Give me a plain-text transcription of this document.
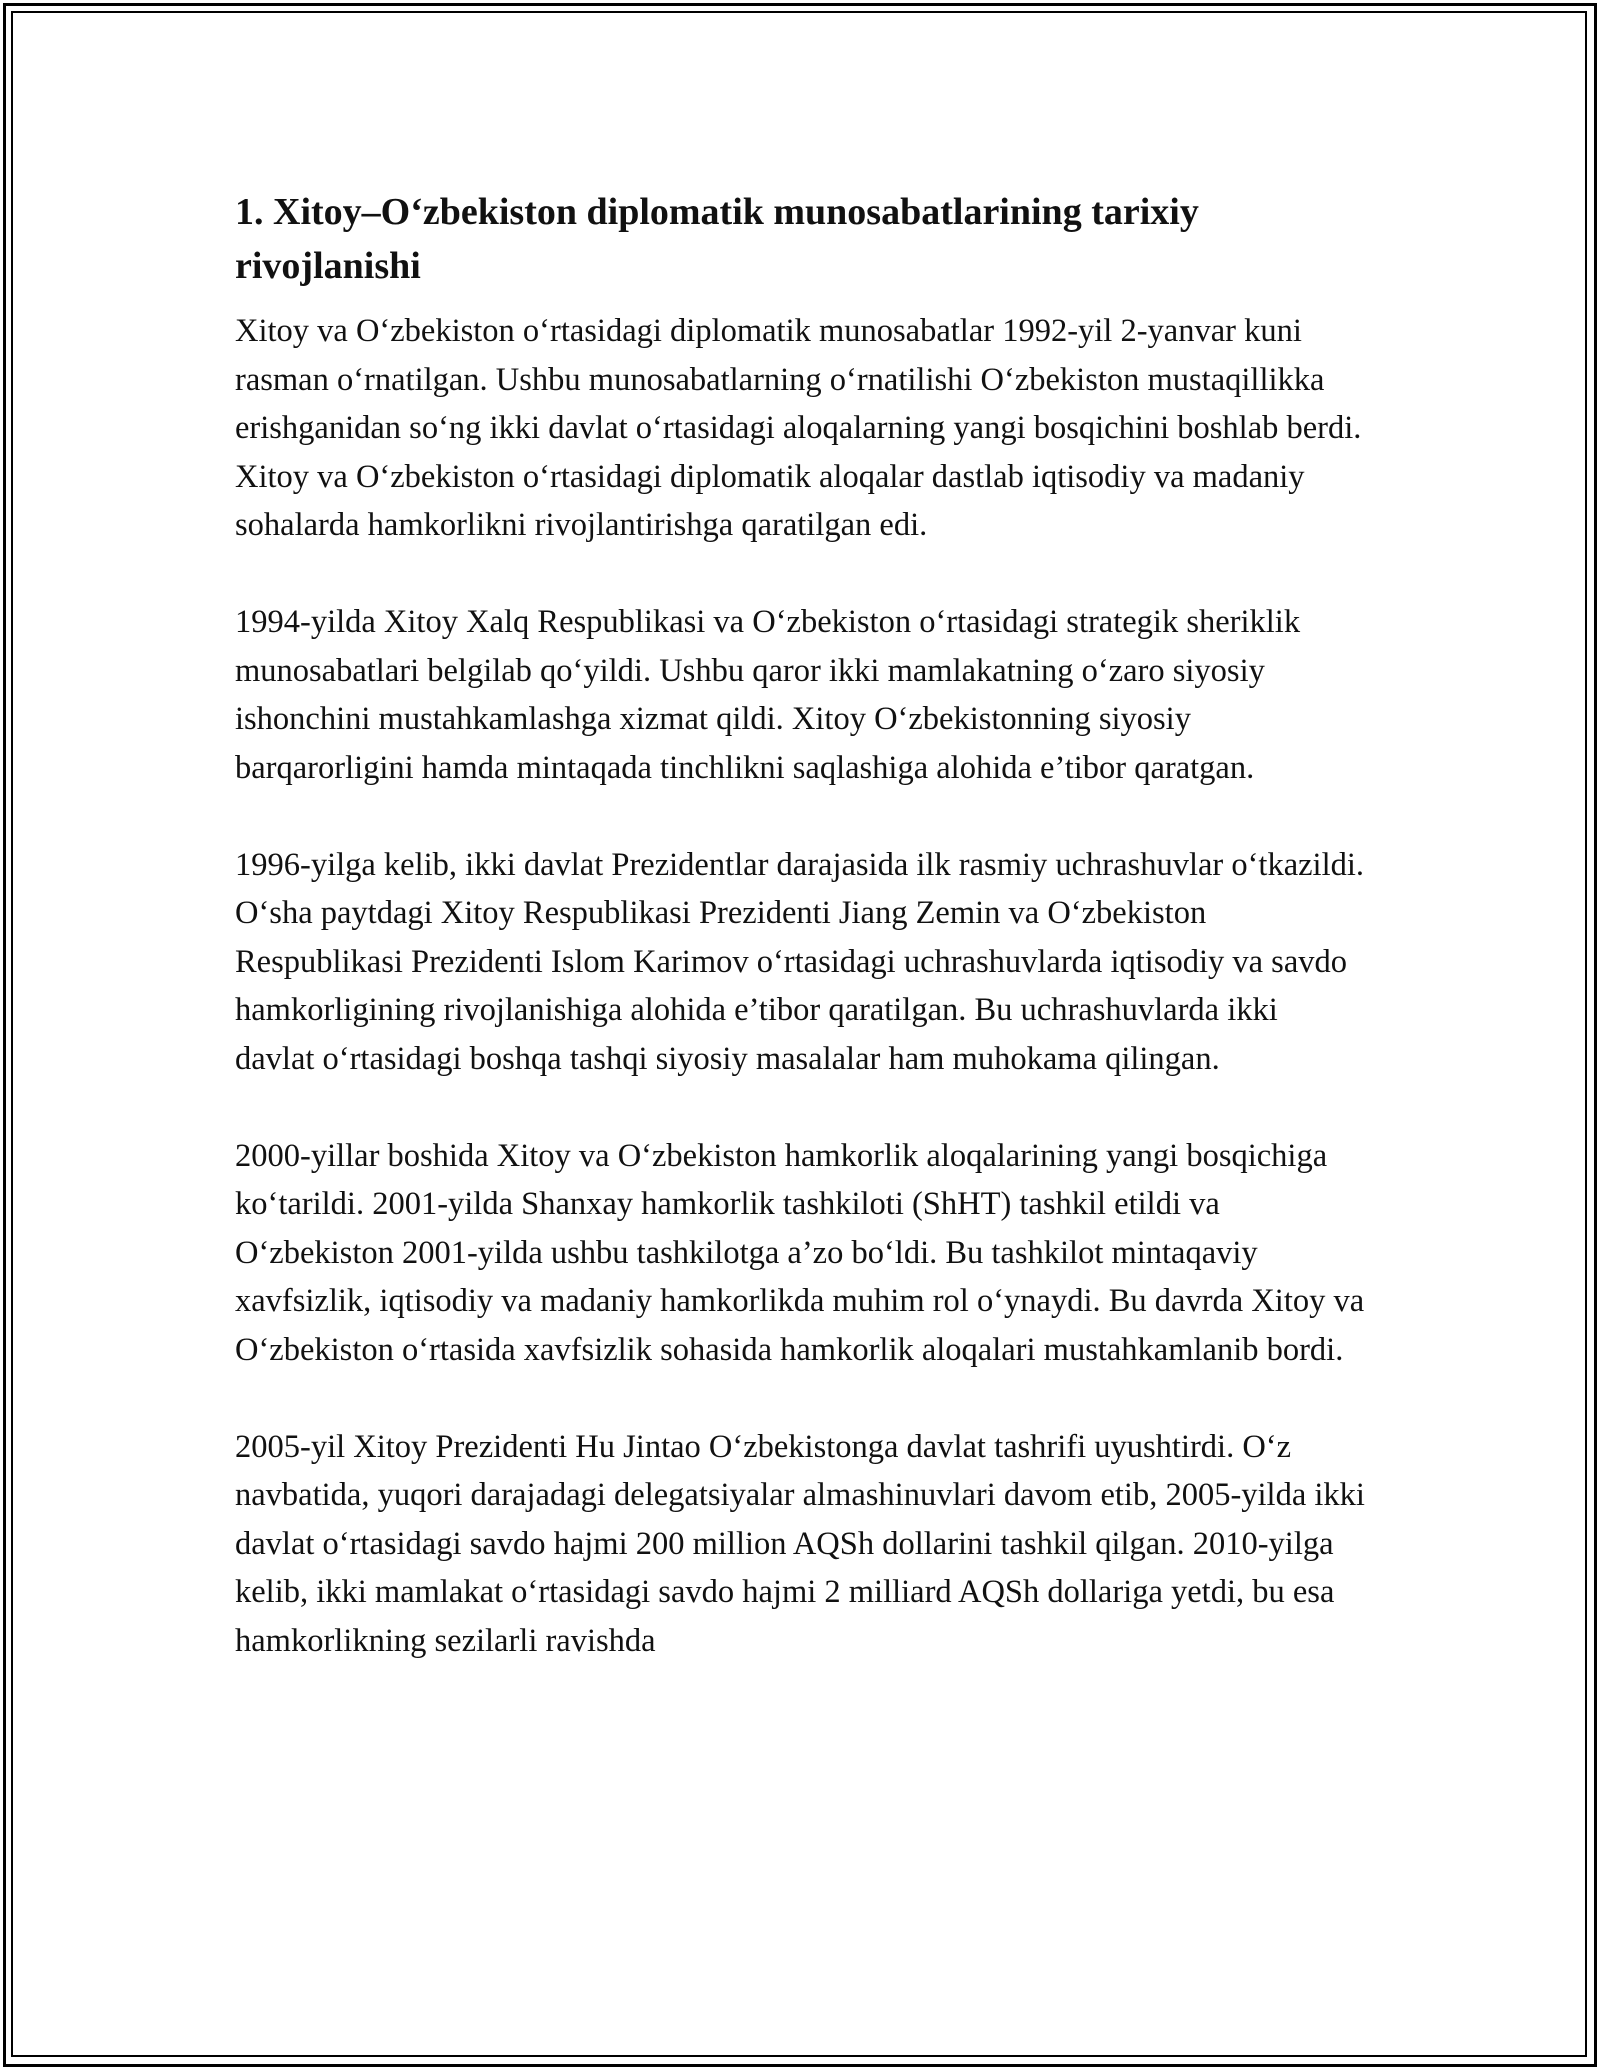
1. Xitoy–O‘zbekiston diplomatik munosabatlarining tarixiy rivojlanishi

Xitoy va O‘zbekiston o‘rtasidagi diplomatik munosabatlar 1992-yil 2-yanvar kuni rasman o‘rnatilgan. Ushbu munosabatlarning o‘rnatilishi O‘zbekiston mustaqillikka erishganidan so‘ng ikki davlat o‘rtasidagi aloqalarning yangi bosqichini boshlab berdi. Xitoy va O‘zbekiston o‘rtasidagi diplomatik aloqalar dastlab iqtisodiy va madaniy sohalarda hamkorlikni rivojlantirishga qaratilgan edi.

1994-yilda Xitoy Xalq Respublikasi va O‘zbekiston o‘rtasidagi strategik sheriklik munosabatlari belgilab qo‘yildi. Ushbu qaror ikki mamlakatning o‘zaro siyosiy ishonchini mustahkamlashga xizmat qildi. Xitoy O‘zbekistonning siyosiy barqarorligini hamda mintaqada tinchlikni saqlashiga alohida e’tibor qaratgan.

1996-yilga kelib, ikki davlat Prezidentlar darajasida ilk rasmiy uchrashuvlar o‘tkazildi. O‘sha paytdagi Xitoy Respublikasi Prezidenti Jiang Zemin va O‘zbekiston Respublikasi Prezidenti Islom Karimov o‘rtasidagi uchrashuvlarda iqtisodiy va savdo hamkorligining rivojlanishiga alohida e’tibor qaratilgan. Bu uchrashuvlarda ikki davlat o‘rtasidagi boshqa tashqi siyosiy masalalar ham muhokama qilingan.

2000-yillar boshida Xitoy va O‘zbekiston hamkorlik aloqalarining yangi bosqichiga ko‘tarildi. 2001-yilda Shanxay hamkorlik tashkiloti (ShHT) tashkil etildi va O‘zbekiston 2001-yilda ushbu tashkilotga a’zo bo‘ldi. Bu tashkilot mintaqaviy xavfsizlik, iqtisodiy va madaniy hamkorlikda muhim rol o‘ynaydi. Bu davrda Xitoy va O‘zbekiston o‘rtasida xavfsizlik sohasida hamkorlik aloqalari mustahkamlanib bordi.

2005-yil Xitoy Prezidenti Hu Jintao O‘zbekistonga davlat tashrifi uyushtirdi. O‘z navbatida, yuqori darajadagi delegatsiyalar almashinuvlari davom etib, 2005-yilda ikki davlat o‘rtasidagi savdo hajmi 200 million AQSh dollarini tashkil qilgan. 2010-yilga kelib, ikki mamlakat o‘rtasidagi savdo hajmi 2 milliard AQSh dollariga yetdi, bu esa hamkorlikning sezilarli ravishda
